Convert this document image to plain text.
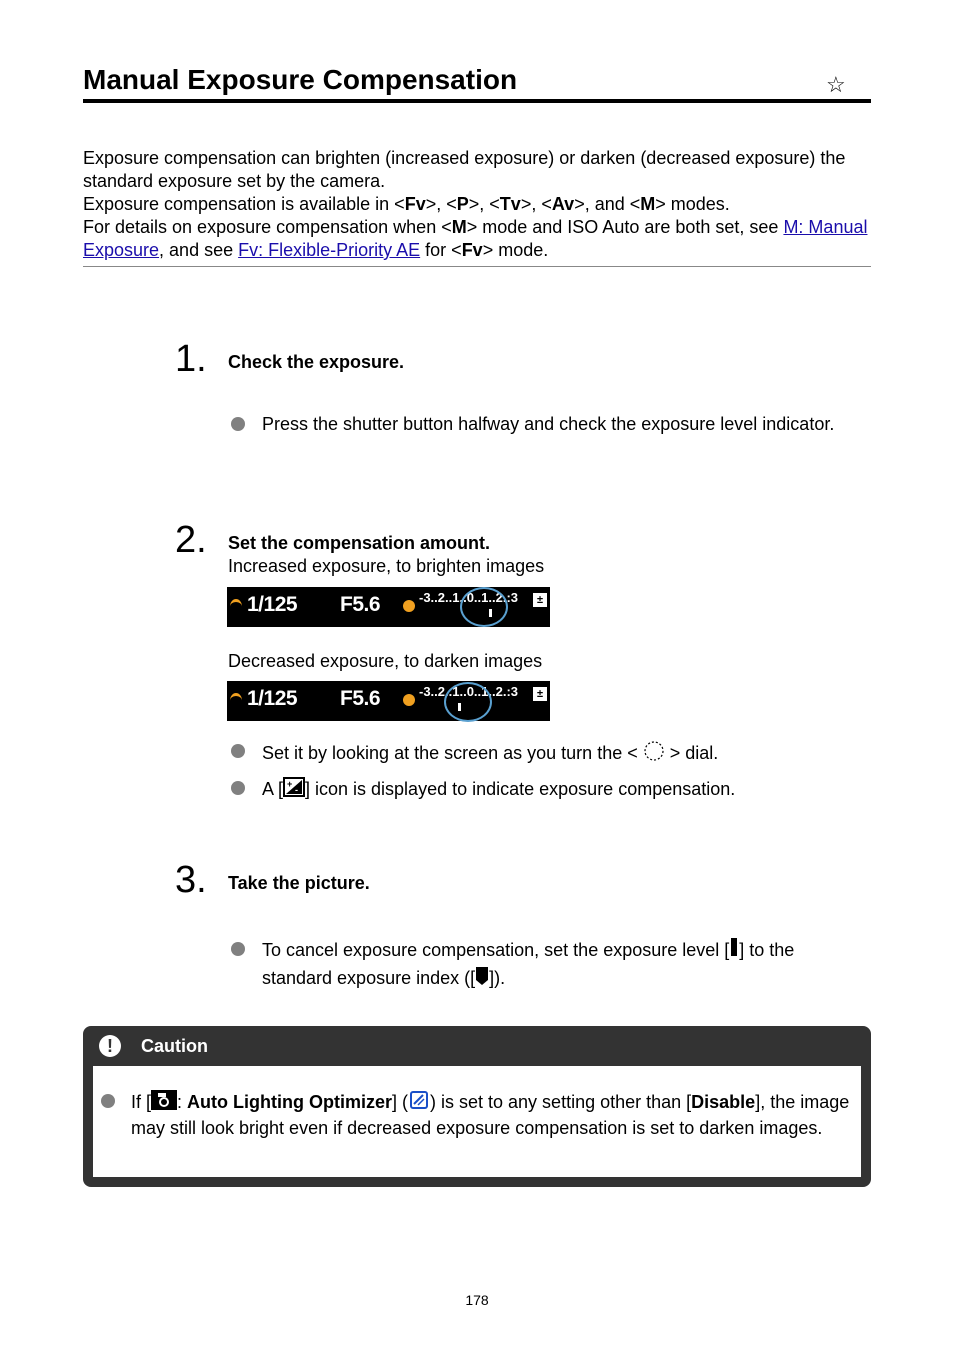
Manual Exposure Compensation	☆
Exposure compensation can brighten (increased exposure) or darken (decreased exposure) the standard exposure set by the camera.
Exposure compensation is available in <Fv>, <P>, <Tv>, <Av>, and <M> modes.
For details on exposure compensation when <M> mode and ISO Auto are both set, see M: Manual Exposure, and see Fv: Flexible-Priority AE for <Fv> mode.
1. Check the exposure.
Press the shutter button halfway and check the exposure level indicator.
2. Set the compensation amount.
Increased exposure, to brighten images
1/125 F5.6	-3..2..1..0..1..2.:3	±
Decreased exposure, to darken images
1/125 F5.6	-3..2..1..0..1..2.:3	±
Set it by looking at the screen as you turn the < > dial.
A [ +
- ] icon is displayed to indicate exposure compensation.
3. Take the picture.
To cancel exposure compensation, set the exposure level [ ] to the standard exposure index ([ ]).
!	Caution
If [ : Auto Lighting Optimizer] ( ) is set to any setting other than [Disable], the image may still look bright even if decreased exposure compensation is set to darken images.
178
